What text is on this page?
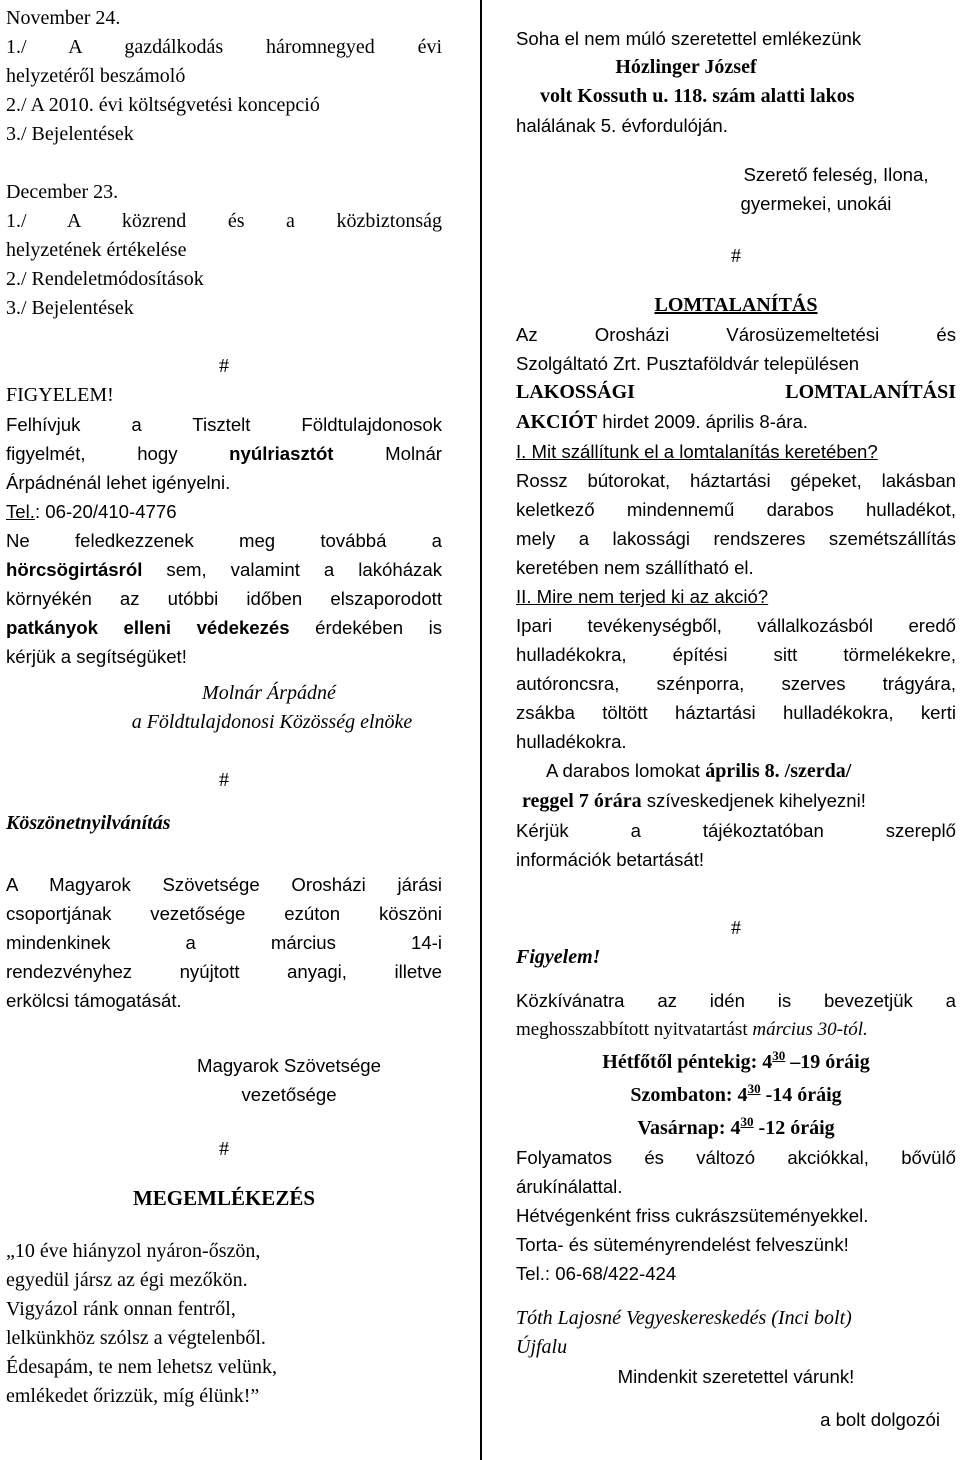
November 24.

1./ A gazdálkodás háromnegyed évi

helyzetéről beszámoló

2./ A 2010. évi költségvetési koncepció

3./ Bejelentések

December 23.

1./ A közrend és a közbiztonság

helyzetének értékelése

2./ Rendeletmódosítások

3./ Bejelentések

#

FIGYELEM!

Felhívjuk a Tisztelt Földtulajdonosok

figyelmét, hogy nyúlriasztót Molnár

Árpádnénál lehet igényelni.

Tel.: 06-20/410-4776

Ne feledkezzenek meg továbbá a

hörcsögirtásról sem, valamint a lakóházak

környékén az utóbbi időben elszaporodott

patkányok elleni védekezés érdekében is

kérjük a segítségüket!

Molnár Árpádné

a Földtulajdonosi Közösség elnöke

#

Köszönetnyilvánítás

A Magyarok Szövetsége Orosházi járási

csoportjának vezetősége ezúton köszöni

mindenkinek a március 14-i

rendezvényhez nyújtott anyagi, illetve

erkölcsi támogatását.

Magyarok Szövetsége

vezetősége

#

MEGEMLÉKEZÉS

„10 éve hiányzol nyáron-őszön,

egyedül jársz az égi mezőkön.

Vigyázol ránk onnan fentről,

lelkünkhöz szólsz a végtelenből.

Édesapám, te nem lehetsz velünk,

emlékedet őrizzük, míg élünk!”

Soha el nem múló szeretettel emlékezünk

Hózlinger József

volt Kossuth u. 118. szám alatti lakos

halálának 5. évfordulóján.

Szerető feleség, Ilona,

gyermekei, unokái

#

LOMTALANÍTÁS

Az Orosházi Városüzemeltetési és

Szolgáltató Zrt. Pusztaföldvár településen

LAKOSSÁGI LOMTALANÍTÁSI

AKCIÓT hirdet 2009. április 8-ára.

I. Mit szállítunk el a lomtalanítás keretében?

Rossz bútorokat, háztartási gépeket, lakásban

keletkező mindennemű darabos hulladékot,

mely a lakossági rendszeres szemétszállítás

keretében nem szállítható el.

II. Mire nem terjed ki az akció?

Ipari tevékenységből, vállalkozásból eredő

hulladékokra, építési sitt törmelékekre,

autóroncsra, szénporra, szerves trágyára,

zsákba töltött háztartási hulladékokra, kerti

hulladékokra.

A darabos lomokat április 8. /szerda/

reggel 7 órára szíveskedjenek kihelyezni!

Kérjük a tájékoztatóban szereplő

információk betartását!

#

Figyelem!

Közkívánatra az idén is bevezetjük a

meghosszabbított nyitvatartást március 30-tól.

Hétfőtől péntekig: $4^{30}$ –19 óráig

Szombaton: $4^{30}$ -14 óráig

Vasárnap: $4^{30}$ -12 óráig

Folyamatos és változó akciókkal, bővülő

árukínálattal.

Hétvégenként friss cukrászsüteményekkel.

Torta- és süteményrendelést felveszünk!

Tel.: 06-68/422-424

Tóth Lajosné Vegyeskereskedés (Inci bolt)

Újfalu

Mindenkit szeretettel várunk!

a bolt dolgozói
